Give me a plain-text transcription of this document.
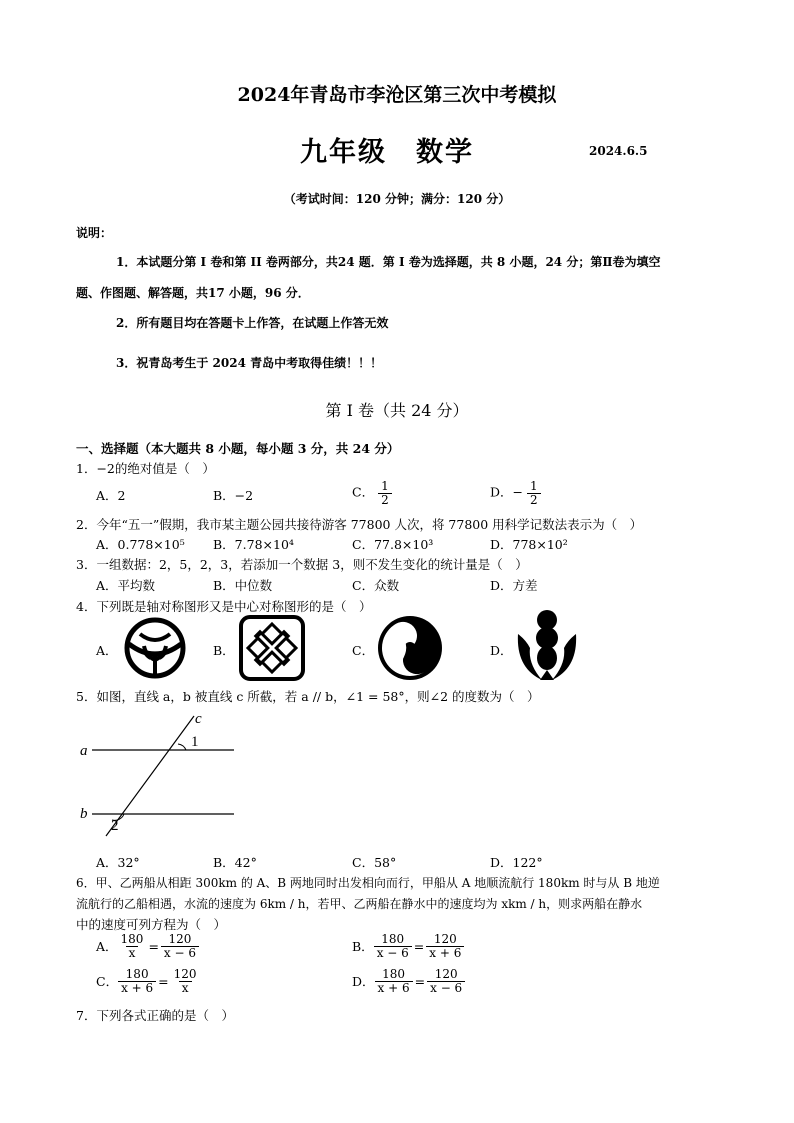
2024年青岛市李沧区第三次中考模拟
九年级　数学	2024.6.5
（考试时间：120 分钟；满分：120 分）
说明：
1．本试题分第 I 卷和第 II 卷两部分，共24 题．第 I 卷为选择题，共 8 小题，24 分；第Ⅱ卷为填空
题、作图题、解答题，共17 小题，96 分．
2．所有题目均在答题卡上作答，在试题上作答无效
3．祝青岛考生于 2024 青岛中考取得佳绩！！！
第 I 卷（共 24 分）
一、选择题（本大题共 8 小题，每小题 3 分，共 24 分）
1．−2的绝对值是（　）
A．2	B．−2	C． $\frac{1}{2}$	D．− $\frac{1}{2}$
2．今年“五一”假期，我市某主题公园共接待游客 77800 人次，将 77800 用科学记数法表示为（　）
A．0.778×10⁵ B．7.78×10⁴	C．77.8×10³	D．778×10²
3．一组数据：2，5，2，3，若添加一个数据 3，则不发生变化的统计量是（　）
A．平均数	B．中位数	C．众数	D．方差
4．下列既是轴对称图形又是中心对称图形的是（　）
A．	B．	C．	D．
5．如图，直线 a，b 被直线 c 所截，若 a // b，∠1 = 58°，则∠2 的度数为（　）
a
b
c
1
2
A．32°	B．42°	C．58°	D．122°
6．甲、乙两船从相距 300km 的 A、B 两地同时出发相向而行，甲船从 A 地顺流航行 180km 时与从 B 地逆
流航行的乙船相遇，水流的速度为 6km / h，若甲、乙两船在静水中的速度均为 xkm / h，则求两船在静水
中的速度可列方程为（　）
A． $\frac{180}{x} = \frac{120}{x - 6}$	B． $\frac{180}{x - 6} = \frac{120}{x + 6}$
C． $\frac{180}{x + 6} = \frac{120}{x}$	D． $\frac{180}{x + 6} = \frac{120}{x - 6}$
7．下列各式正确的是（　）
